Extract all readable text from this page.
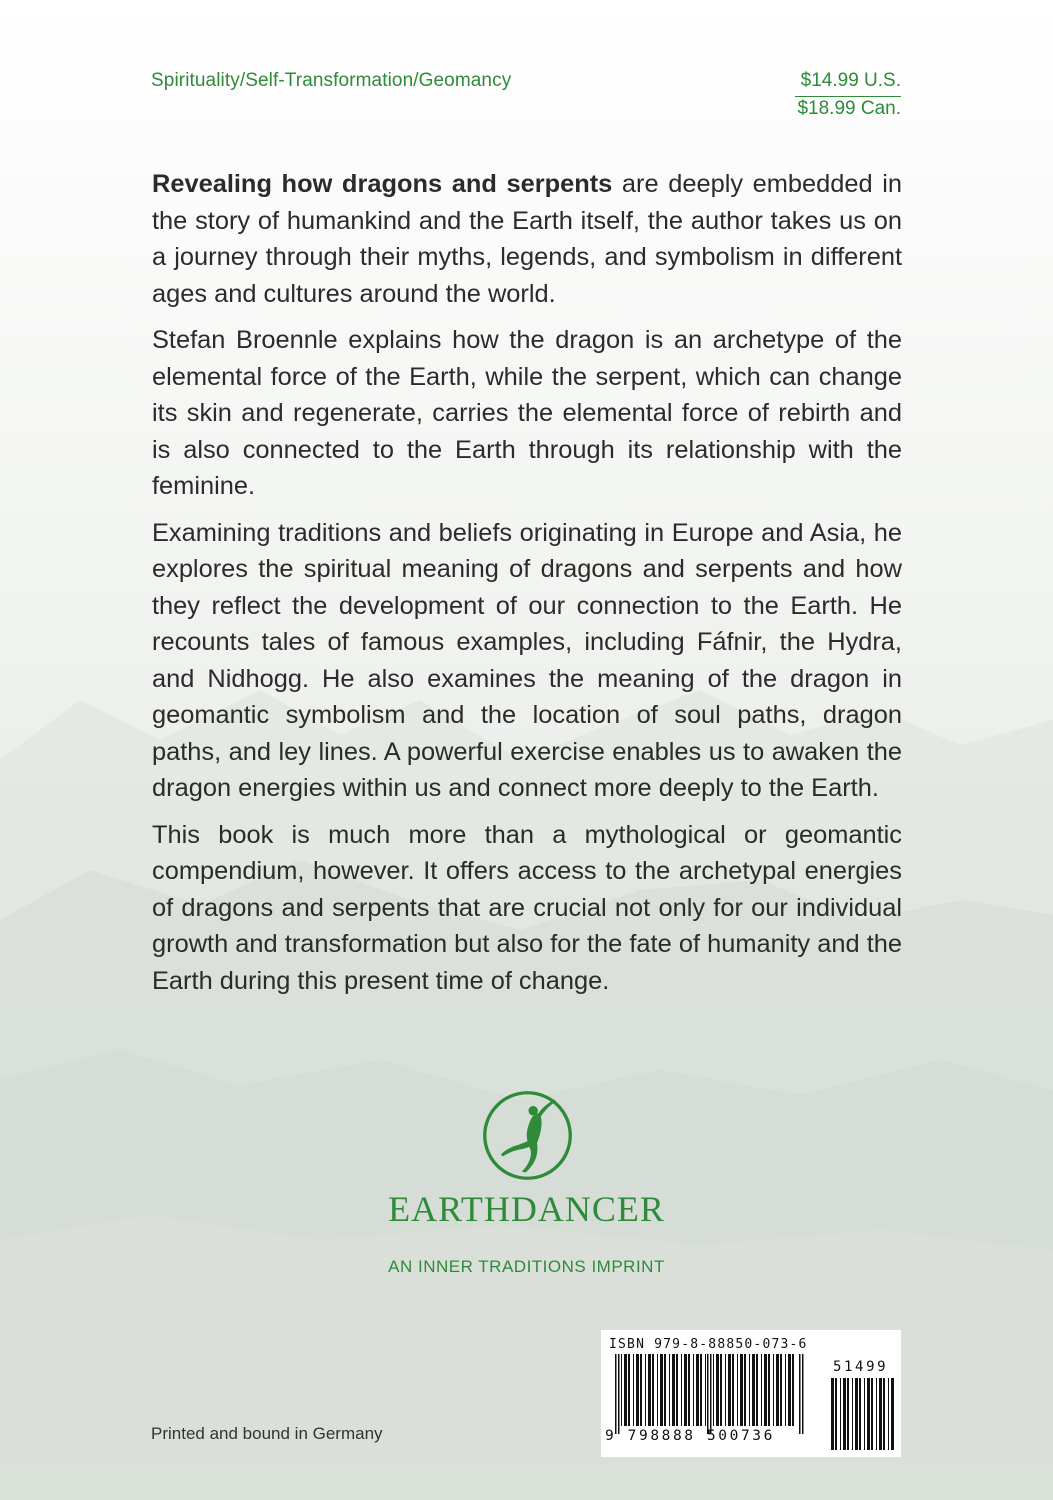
Spirituality/Self-Transformation/Geomancy	$14.99 U.S.
$18.99 Can.

Revealing how dragons and serpents are deeply embedded in the story of humankind and the Earth itself, the author takes us on a journey through their myths, legends, and symbolism in different ages and cultures around the world.

Stefan Broennle explains how the dragon is an archetype of the elemental force of the Earth, while the serpent, which can change its skin and regenerate, carries the elemental force of rebirth and is also connected to the Earth through its relationship with the feminine.

Examining traditions and beliefs originating in Europe and Asia, he explores the spiritual meaning of dragons and serpents and how they reflect the development of our connection to the Earth. He recounts tales of famous examples, including Fáfnir, the Hydra, and Nidhogg. He also examines the meaning of the dragon in geomantic symbolism and the location of soul paths, dragon paths, and ley lines. A powerful exercise enables us to awaken the dragon energies within us and connect more deeply to the Earth.

This book is much more than a mythological or geomantic compendium, however. It offers access to the archetypal energies of dragons and serpents that are crucial not only for our individual growth and transformation but also for the fate of humanity and the Earth during this present time of change.

EARTHDANCER
AN INNER TRADITIONS IMPRINT
ISBN 979-8-88850-073-6
9 798888 500736
51499
Printed and bound in Germany
